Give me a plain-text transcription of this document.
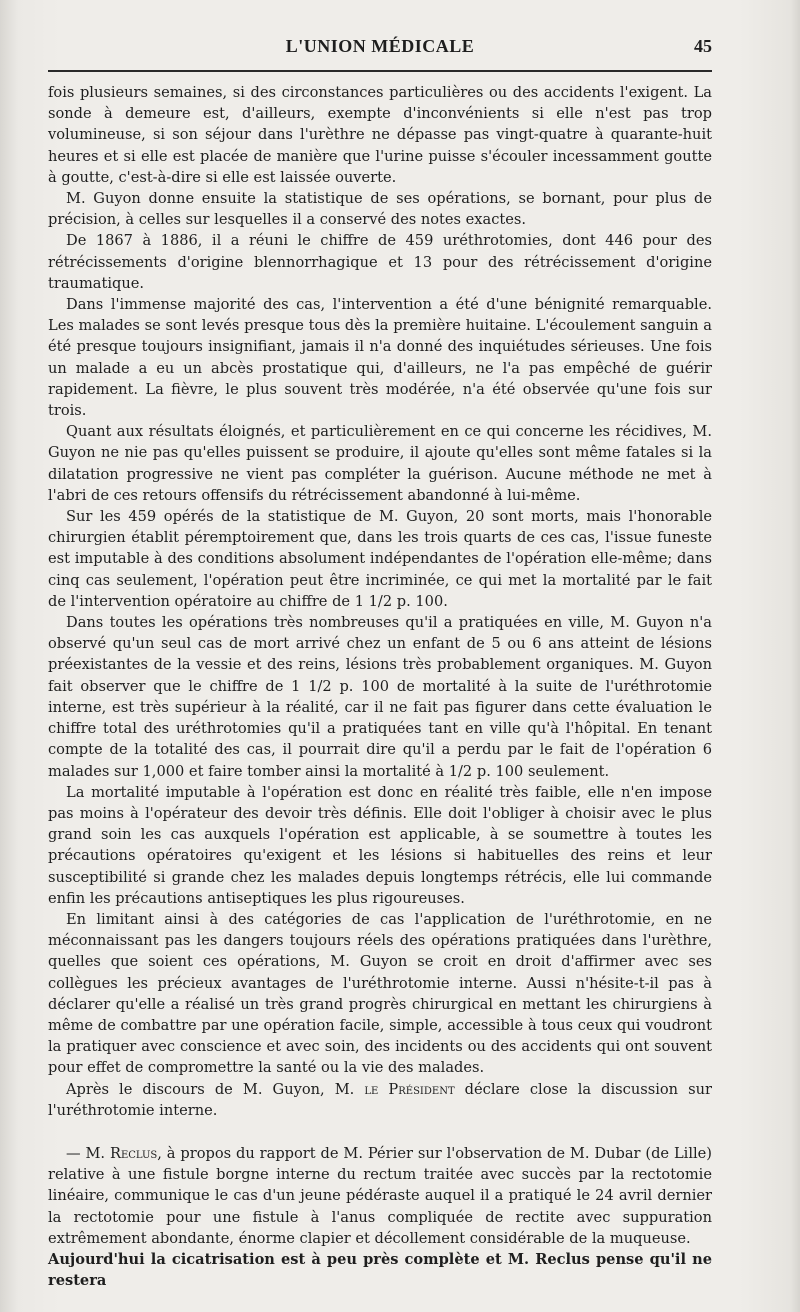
L'UNION MÉDICALE	45

fois plusieurs semaines, si des circonstances particulières ou des accidents l'exigent. La sonde à demeure est, d'ailleurs, exempte d'inconvénients si elle n'est pas trop volumineuse, si son séjour dans l'urèthre ne dépasse pas vingt-quatre à quarante-huit heures et si elle est placée de manière que l'urine puisse s'écouler incessamment goutte à goutte, c'est-à-dire si elle est laissée ouverte.

M. Guyon donne ensuite la statistique de ses opérations, se bornant, pour plus de précision, à celles sur lesquelles il a conservé des notes exactes.

De 1867 à 1886, il a réuni le chiffre de 459 uréthrotomies, dont 446 pour des rétrécissements d'origine blennorrhagique et 13 pour des rétrécissement d'origine traumatique.

Dans l'immense majorité des cas, l'intervention a été d'une bénignité remarquable. Les malades se sont levés presque tous dès la première huitaine. L'écoulement sanguin a été presque toujours insignifiant, jamais il n'a donné des inquiétudes sérieuses. Une fois un malade a eu un abcès prostatique qui, d'ailleurs, ne l'a pas empêché de guérir rapidement. La fièvre, le plus souvent très modérée, n'a été observée qu'une fois sur trois.

Quant aux résultats éloignés, et particulièrement en ce qui concerne les récidives, M. Guyon ne nie pas qu'elles puissent se produire, il ajoute qu'elles sont même fatales si la dilatation progressive ne vient pas compléter la guérison. Aucune méthode ne met à l'abri de ces retours offensifs du rétrécissement abandonné à lui-même.

Sur les 459 opérés de la statistique de M. Guyon, 20 sont morts, mais l'honorable chirurgien établit péremptoirement que, dans les trois quarts de ces cas, l'issue funeste est imputable à des conditions absolument indépendantes de l'opération elle-même; dans cinq cas seulement, l'opération peut être incriminée, ce qui met la mortalité par le fait de l'intervention opératoire au chiffre de 1 1/2 p. 100.

Dans toutes les opérations très nombreuses qu'il a pratiquées en ville, M. Guyon n'a observé qu'un seul cas de mort arrivé chez un enfant de 5 ou 6 ans atteint de lésions préexistantes de la vessie et des reins, lésions très probablement organiques. M. Guyon fait observer que le chiffre de 1 1/2 p. 100 de mortalité à la suite de l'uréthrotomie interne, est très supérieur à la réalité, car il ne fait pas figurer dans cette évaluation le chiffre total des uréthrotomies qu'il a pratiquées tant en ville qu'à l'hôpital. En tenant compte de la totalité des cas, il pourrait dire qu'il a perdu par le fait de l'opération 6 malades sur 1,000 et faire tomber ainsi la mortalité à 1/2 p. 100 seulement.

La mortalité imputable à l'opération est donc en réalité très faible, elle n'en impose pas moins à l'opérateur des devoir très définis. Elle doit l'obliger à choisir avec le plus grand soin les cas auxquels l'opération est applicable, à se soumettre à toutes les précautions opératoires qu'exigent et les lésions si habituelles des reins et leur susceptibilité si grande chez les malades depuis longtemps rétrécis, elle lui commande enfin les précautions antiseptiques les plus rigoureuses.

En limitant ainsi à des catégories de cas l'application de l'uréthrotomie, en ne méconnaissant pas les dangers toujours réels des opérations pratiquées dans l'urèthre, quelles que soient ces opérations, M. Guyon se croit en droit d'affirmer avec ses collègues les précieux avantages de l'uréthrotomie interne. Aussi n'hésite-t-il pas à déclarer qu'elle a réalisé un très grand progrès chirurgical en mettant les chirurgiens à même de combattre par une opération facile, simple, accessible à tous ceux qui voudront la pratiquer avec conscience et avec soin, des incidents ou des accidents qui ont souvent pour effet de compromettre la santé ou la vie des malades.

Après le discours de M. Guyon, M. le Président déclare close la discussion sur l'uréthrotomie interne.

— M. Reclus, à propos du rapport de M. Périer sur l'observation de M. Dubar (de Lille) relative à une fistule borgne interne du rectum traitée avec succès par la rectotomie linéaire, communique le cas d'un jeune pédéraste auquel il a pratiqué le 24 avril dernier la rectotomie pour une fistule à l'anus compliquée de rectite avec suppuration extrêmement abondante, énorme clapier et décollement considérable de la muqueuse.

Aujourd'hui la cicatrisation est à peu près complète et M. Reclus pense qu'il ne restera
